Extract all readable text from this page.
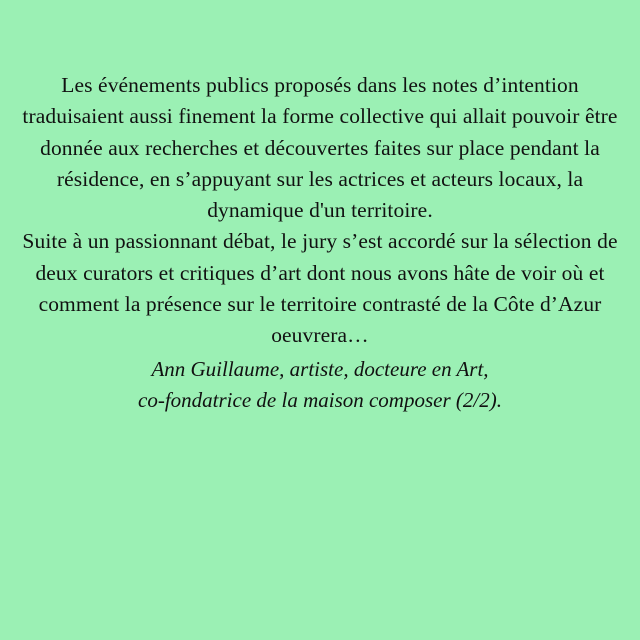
Les événements publics proposés dans les notes d’intention traduisaient aussi finement la forme collective qui allait pouvoir être donnée aux recherches et découvertes faites sur place pendant la résidence, en s’appuyant sur les actrices et acteurs locaux, la dynamique d'un territoire.

Suite à un passionnant débat, le jury s’est accordé sur la sélection de deux curators et critiques d’art dont nous avons hâte de voir où et comment la présence sur le territoire contrasté de la Côte d’Azur oeuvrera…

Ann Guillaume, artiste, docteure en Art,
co-fondatrice de la maison composer (2/2).
